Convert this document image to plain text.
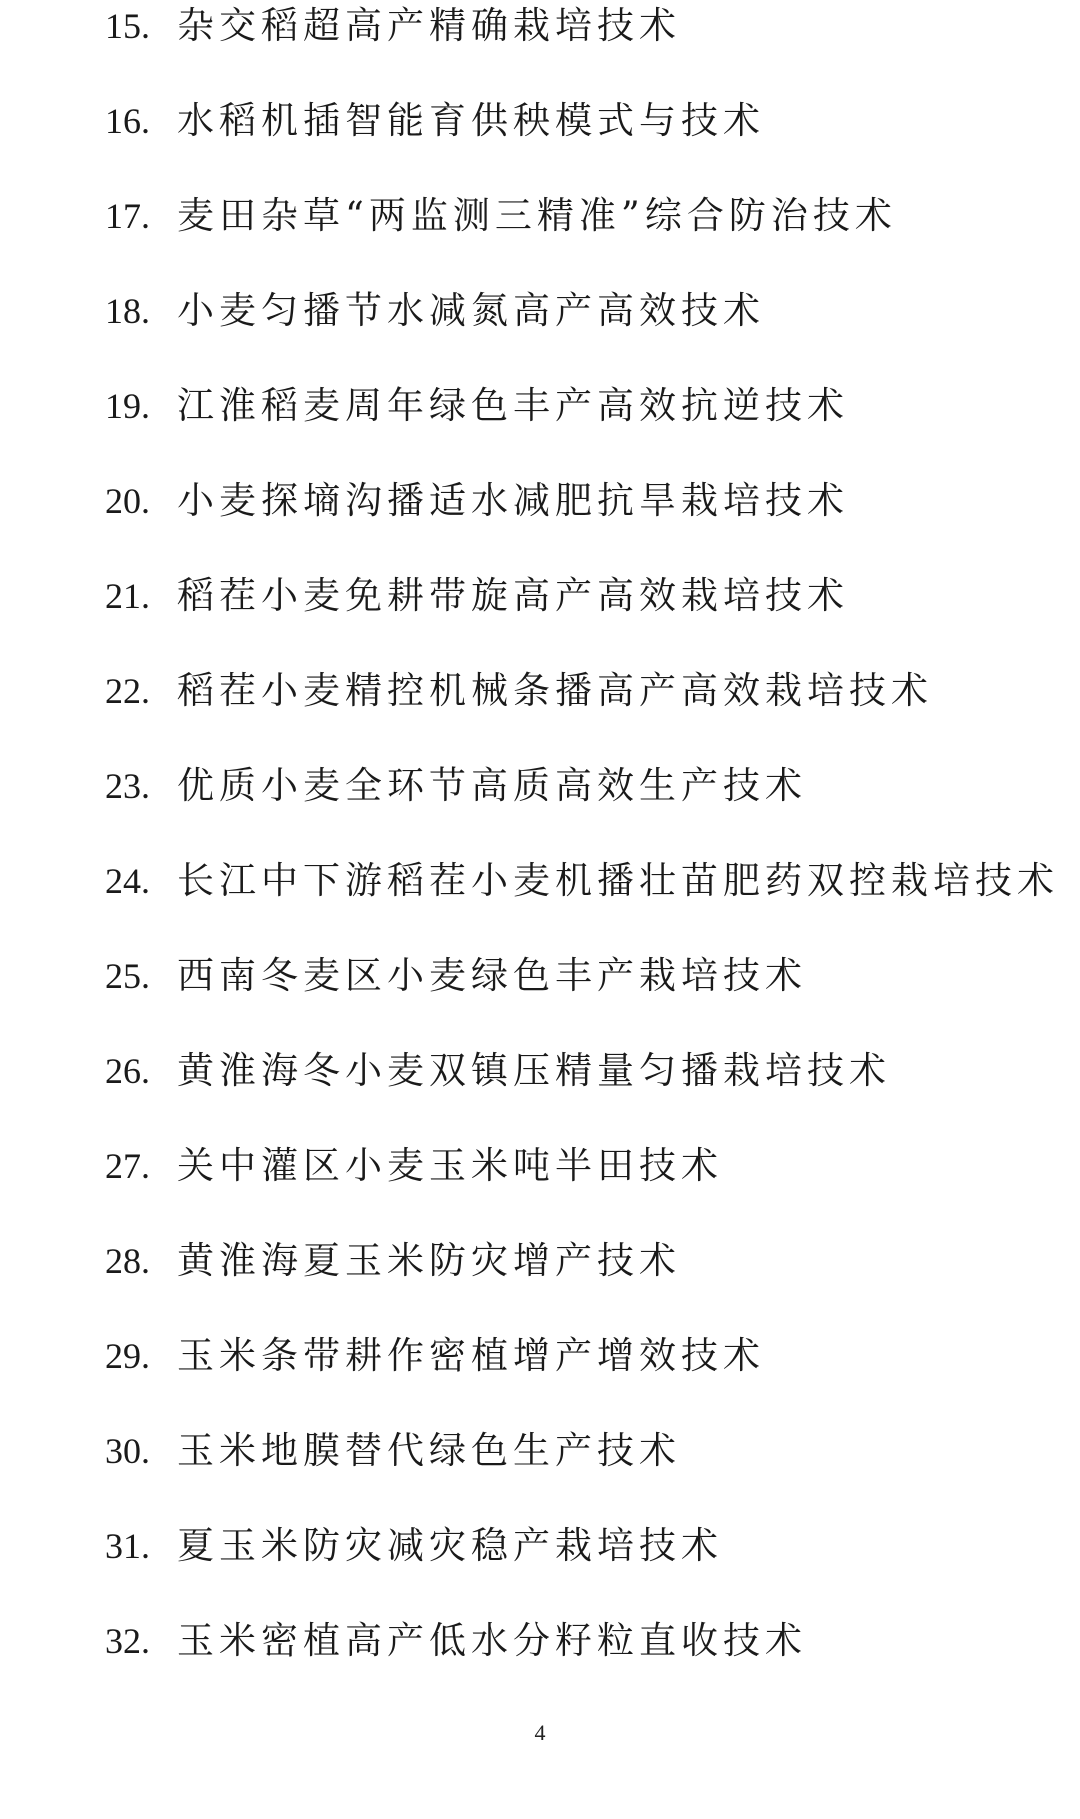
15. 杂交稻超高产精确栽培技术
16. 水稻机插智能育供秧模式与技术
17. 麦田杂草“两监测三精准”综合防治技术
18. 小麦匀播节水减氮高产高效技术
19. 江淮稻麦周年绿色丰产高效抗逆技术
20. 小麦探墒沟播适水减肥抗旱栽培技术
21. 稻茬小麦免耕带旋高产高效栽培技术
22. 稻茬小麦精控机械条播高产高效栽培技术
23. 优质小麦全环节高质高效生产技术
24. 长江中下游稻茬小麦机播壮苗肥药双控栽培技术
25. 西南冬麦区小麦绿色丰产栽培技术
26. 黄淮海冬小麦双镇压精量匀播栽培技术
27. 关中灌区小麦玉米吨半田技术
28. 黄淮海夏玉米防灾增产技术
29. 玉米条带耕作密植增产增效技术
30. 玉米地膜替代绿色生产技术
31. 夏玉米防灾减灾稳产栽培技术
32. 玉米密植高产低水分籽粒直收技术
4
